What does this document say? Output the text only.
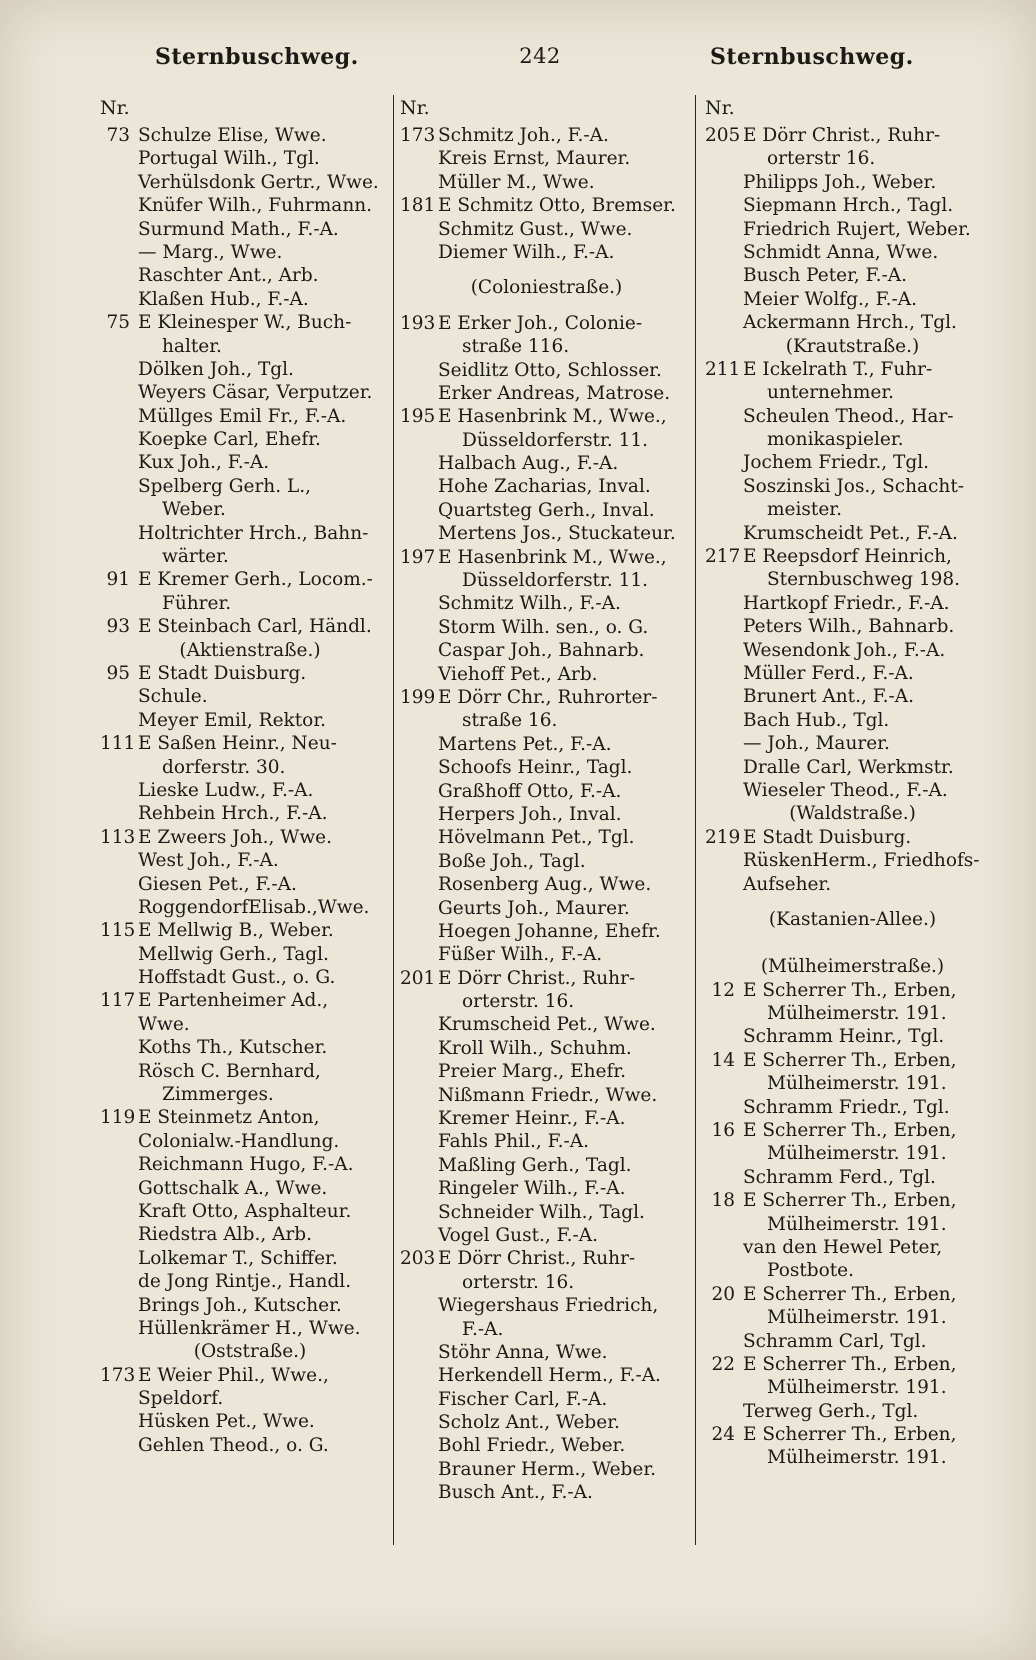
Sternbuschweg.	242	Sternbuschweg.
Nr.
73 Schulze Elise, Wwe.
Portugal Wilh., Tgl.
Verhülsdonk Gertr., Wwe.
Knüfer Wilh., Fuhrmann.
Surmund Math., F.-A.
— Marg., Wwe.
Raschter Ant., Arb.
Klaßen Hub., F.-A.
75 E Kleinesper W., Buch-
halter.
Dölken Joh., Tgl.
Weyers Cäsar, Verputzer.
Müllges Emil Fr., F.-A.
Koepke Carl, Ehefr.
Kux Joh., F.-A.
Spelberg Gerh. L.,
Weber.
Holtrichter Hrch., Bahn-
wärter.
91 E Kremer Gerh., Locom.-
Führer.
93 E Steinbach Carl, Händl.
(Aktienstraße.)
95 E Stadt Duisburg.
Schule.
Meyer Emil, Rektor.
111 E Saßen Heinr., Neu-
dorferstr. 30.
Lieske Ludw., F.-A.
Rehbein Hrch., F.-A.
113 E Zweers Joh., Wwe.
West Joh., F.-A.
Giesen Pet., F.-A.
RoggendorfElisab.,Wwe.
115 E Mellwig B., Weber.
Mellwig Gerh., Tagl.
Hoffstadt Gust., o. G.
117 E Partenheimer Ad.,
Wwe.
Koths Th., Kutscher.
Rösch C. Bernhard,
Zimmerges.
119 E Steinmetz Anton,
Colonialw.-Handlung.
Reichmann Hugo, F.-A.
Gottschalk A., Wwe.
Kraft Otto, Asphalteur.
Riedstra Alb., Arb.
Lolkemar T., Schiffer.
de Jong Rintje., Handl.
Brings Joh., Kutscher.
Hüllenkrämer H., Wwe.
(Oststraße.)
173 E Weier Phil., Wwe.,
Speldorf.
Hüsken Pet., Wwe.
Gehlen Theod., o. G.
Nr.
173 Schmitz Joh., F.-A.
Kreis Ernst, Maurer.
Müller M., Wwe.
181 E Schmitz Otto, Bremser.
Schmitz Gust., Wwe.
Diemer Wilh., F.-A.
(Coloniestraße.)
193 E Erker Joh., Colonie-
straße 116.
Seidlitz Otto, Schlosser.
Erker Andreas, Matrose.
195 E Hasenbrink M., Wwe.,
Düsseldorferstr. 11.
Halbach Aug., F.-A.
Hohe Zacharias, Inval.
Quartsteg Gerh., Inval.
Mertens Jos., Stuckateur.
197 E Hasenbrink M., Wwe.,
Düsseldorferstr. 11.
Schmitz Wilh., F.-A.
Storm Wilh. sen., o. G.
Caspar Joh., Bahnarb.
Viehoff Pet., Arb.
199 E Dörr Chr., Ruhrorter-
straße 16.
Martens Pet., F.-A.
Schoofs Heinr., Tagl.
Graßhoff Otto, F.-A.
Herpers Joh., Inval.
Hövelmann Pet., Tgl.
Boße Joh., Tagl.
Rosenberg Aug., Wwe.
Geurts Joh., Maurer.
Hoegen Johanne, Ehefr.
Füßer Wilh., F.-A.
201 E Dörr Christ., Ruhr-
orterstr. 16.
Krumscheid Pet., Wwe.
Kroll Wilh., Schuhm.
Preier Marg., Ehefr.
Nißmann Friedr., Wwe.
Kremer Heinr., F.-A.
Fahls Phil., F.-A.
Maßling Gerh., Tagl.
Ringeler Wilh., F.-A.
Schneider Wilh., Tagl.
Vogel Gust., F.-A.
203 E Dörr Christ., Ruhr-
orterstr. 16.
Wiegershaus Friedrich,
F.-A.
Stöhr Anna, Wwe.
Herkendell Herm., F.-A.
Fischer Carl, F.-A.
Scholz Ant., Weber.
Bohl Friedr., Weber.
Brauner Herm., Weber.
Busch Ant., F.-A.
Nr.
205 E Dörr Christ., Ruhr-
orterstr 16.
Philipps Joh., Weber.
Siepmann Hrch., Tagl.
Friedrich Rujert, Weber.
Schmidt Anna, Wwe.
Busch Peter, F.-A.
Meier Wolfg., F.-A.
Ackermann Hrch., Tgl.
(Krautstraße.)
211 E Ickelrath T., Fuhr-
unternehmer.
Scheulen Theod., Har-
monikaspieler.
Jochem Friedr., Tgl.
Soszinski Jos., Schacht-
meister.
Krumscheidt Pet., F.-A.
217 E Reepsdorf Heinrich,
Sternbuschweg 198.
Hartkopf Friedr., F.-A.
Peters Wilh., Bahnarb.
Wesendonk Joh., F.-A.
Müller Ferd., F.-A.
Brunert Ant., F.-A.
Bach Hub., Tgl.
— Joh., Maurer.
Dralle Carl, Werkmstr.
Wieseler Theod., F.-A.
(Waldstraße.)
219 E Stadt Duisburg.
RüskenHerm., Friedhofs-
Aufseher.
(Kastanien-Allee.)
(Mülheimerstraße.)
12 E Scherrer Th., Erben,
Mülheimerstr. 191.
Schramm Heinr., Tgl.
14 E Scherrer Th., Erben,
Mülheimerstr. 191.
Schramm Friedr., Tgl.
16 E Scherrer Th., Erben,
Mülheimerstr. 191.
Schramm Ferd., Tgl.
18 E Scherrer Th., Erben,
Mülheimerstr. 191.
van den Hewel Peter,
Postbote.
20 E Scherrer Th., Erben,
Mülheimerstr. 191.
Schramm Carl, Tgl.
22 E Scherrer Th., Erben,
Mülheimerstr. 191.
Terweg Gerh., Tgl.
24 E Scherrer Th., Erben,
Mülheimerstr. 191.
